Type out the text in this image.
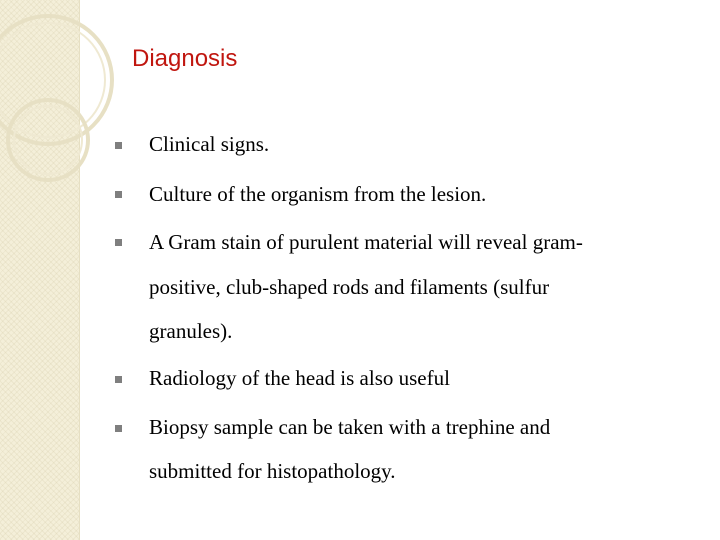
Diagnosis
Clinical signs.
Culture of the organism from the lesion.
A Gram stain of purulent material will reveal gram-
positive, club-shaped rods and filaments (sulfur
granules).
Radiology of the head is also useful
Biopsy sample can be taken with a trephine and
submitted for histopathology.
